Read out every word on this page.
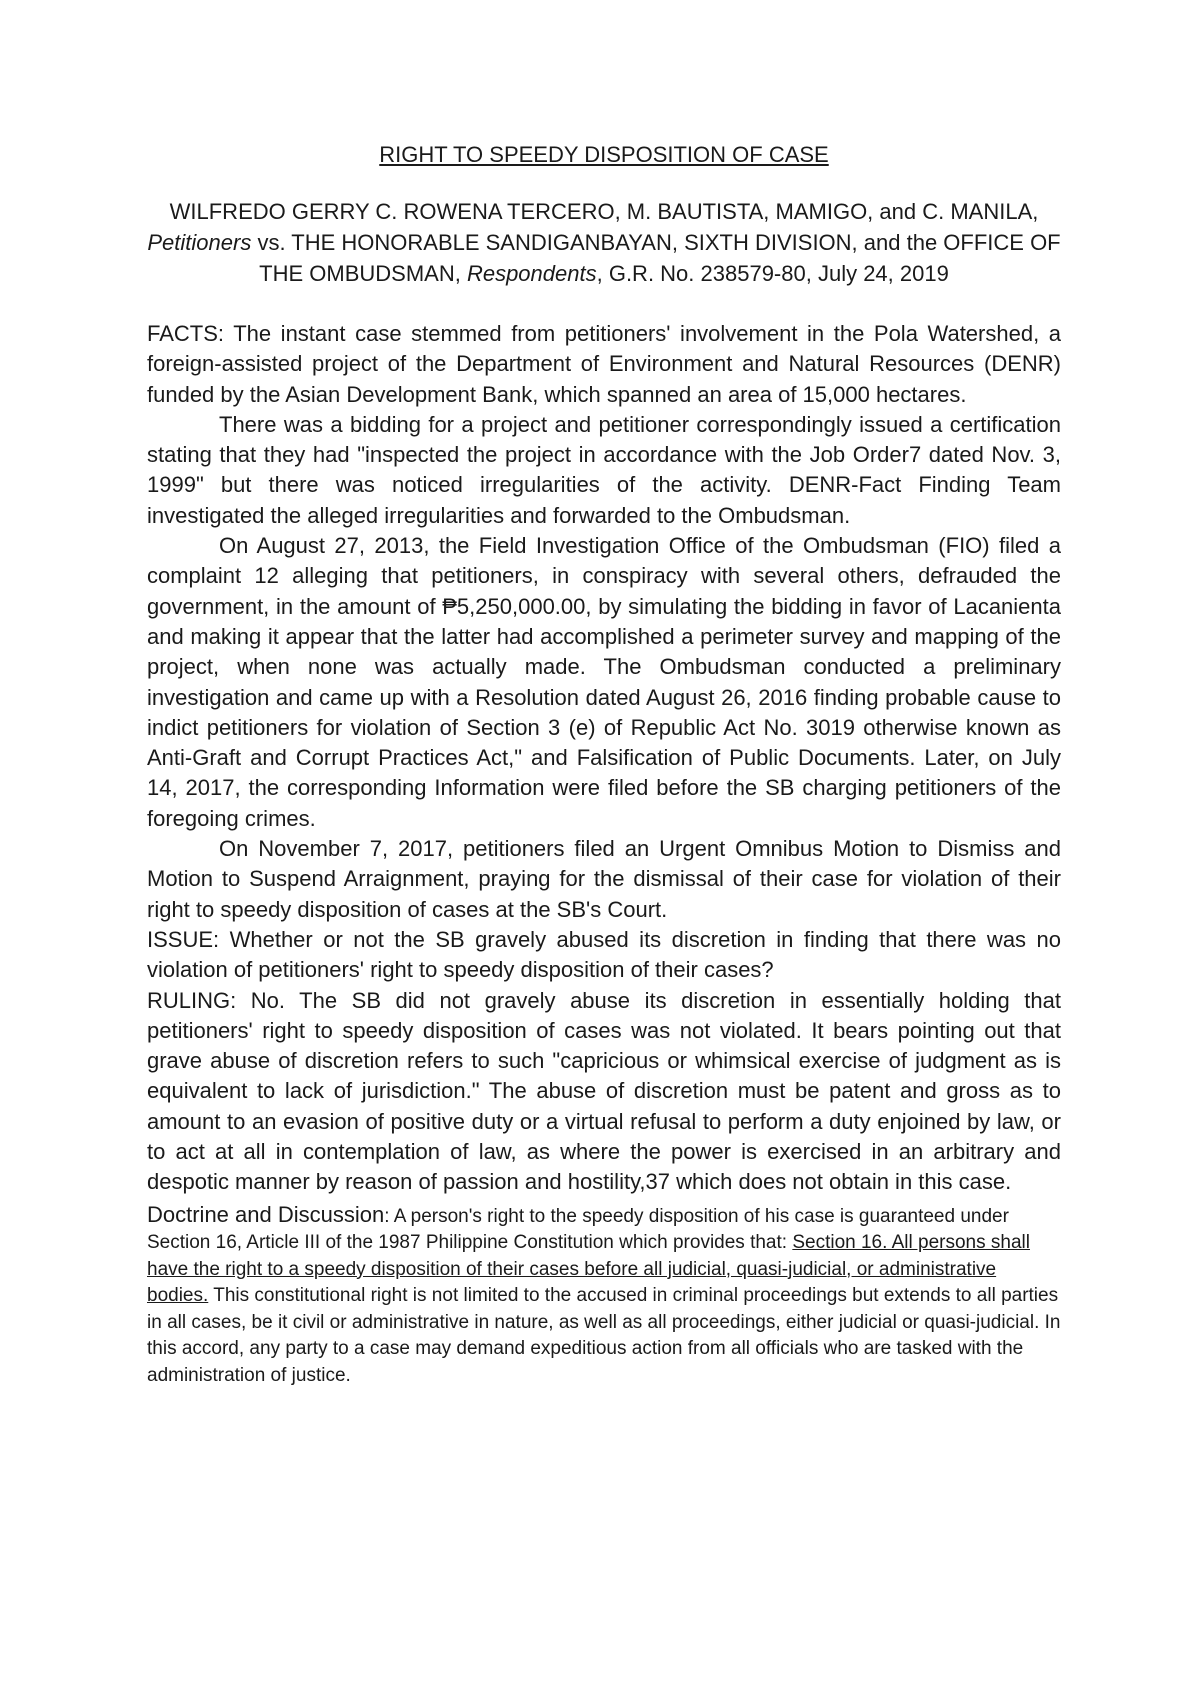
RIGHT TO SPEEDY DISPOSITION OF CASE

WILFREDO GERRY C. ROWENA TERCERO, M. BAUTISTA, MAMIGO, and C. MANILA, Petitioners vs. THE HONORABLE SANDIGANBAYAN, SIXTH DIVISION, and the OFFICE OF THE OMBUDSMAN, Respondents, G.R. No. 238579-80, July 24, 2019

FACTS: The instant case stemmed from petitioners' involvement in the Pola Watershed, a foreign-assisted project of the Department of Environment and Natural Resources (DENR) funded by the Asian Development Bank, which spanned an area of 15,000 hectares.

There was a bidding for a project and petitioner correspondingly issued a certification stating that they had "inspected the project in accordance with the Job Order7 dated Nov. 3, 1999" but there was noticed irregularities of the activity. DENR-Fact Finding Team investigated the alleged irregularities and forwarded to the Ombudsman.

On August 27, 2013, the Field Investigation Office of the Ombudsman (FIO) filed a complaint 12 alleging that petitioners, in conspiracy with several others, defrauded the government, in the amount of ₱5,250,000.00, by simulating the bidding in favor of Lacanienta and making it appear that the latter had accomplished a perimeter survey and mapping of the project, when none was actually made. The Ombudsman conducted a preliminary investigation and came up with a Resolution dated August 26, 2016 finding probable cause to indict petitioners for violation of Section 3 (e) of Republic Act No. 3019 otherwise known as Anti-Graft and Corrupt Practices Act," and Falsification of Public Documents. Later, on July 14, 2017, the corresponding Information were filed before the SB charging petitioners of the foregoing crimes.

On November 7, 2017, petitioners filed an Urgent Omnibus Motion to Dismiss and Motion to Suspend Arraignment, praying for the dismissal of their case for violation of their right to speedy disposition of cases at the SB's Court.

ISSUE: Whether or not the SB gravely abused its discretion in finding that there was no violation of petitioners' right to speedy disposition of their cases?

RULING: No. The SB did not gravely abuse its discretion in essentially holding that petitioners' right to speedy disposition of cases was not violated. It bears pointing out that grave abuse of discretion refers to such "capricious or whimsical exercise of judgment as is equivalent to lack of jurisdiction." The abuse of discretion must be patent and gross as to amount to an evasion of positive duty or a virtual refusal to perform a duty enjoined by law, or to act at all in contemplation of law, as where the power is exercised in an arbitrary and despotic manner by reason of passion and hostility,37 which does not obtain in this case.

Doctrine and Discussion: A person's right to the speedy disposition of his case is guaranteed under Section 16, Article III of the 1987 Philippine Constitution which provides that: Section 16. All persons shall have the right to a speedy disposition of their cases before all judicial, quasi-judicial, or administrative bodies. This constitutional right is not limited to the accused in criminal proceedings but extends to all parties in all cases, be it civil or administrative in nature, as well as all proceedings, either judicial or quasi-judicial. In this accord, any party to a case may demand expeditious action from all officials who are tasked with the administration of justice.
